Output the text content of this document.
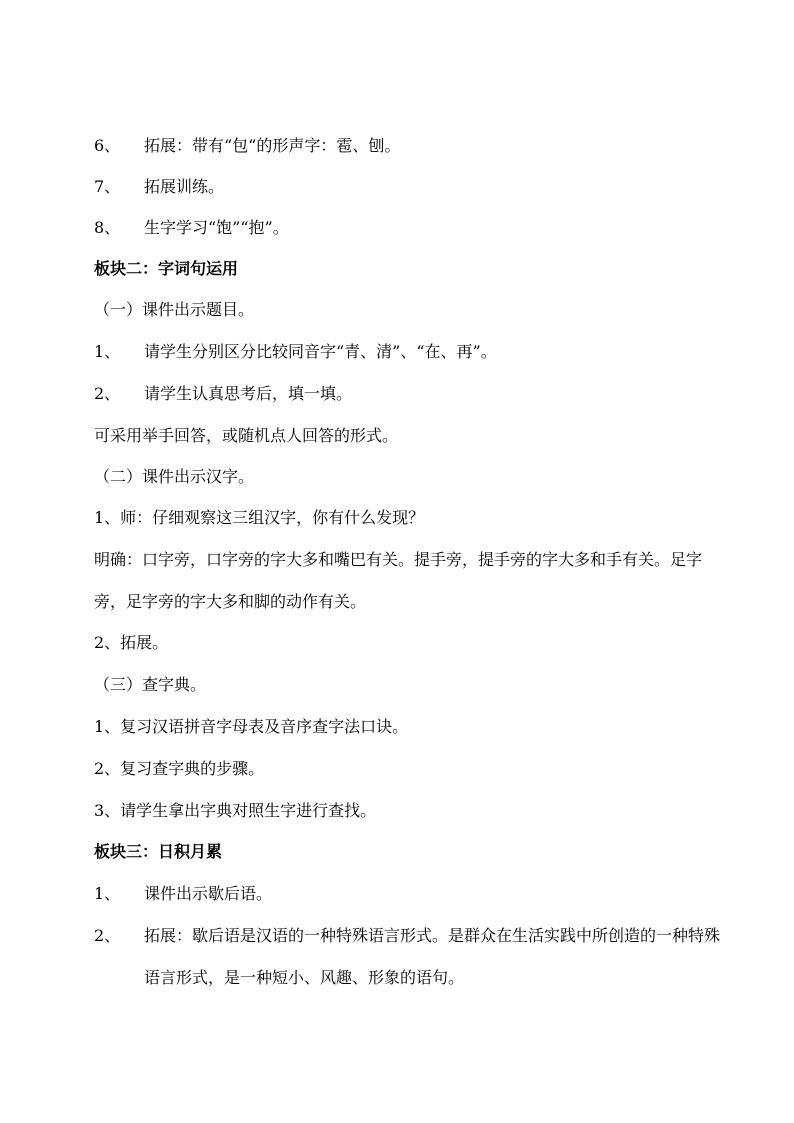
6、 拓展：带有“包“的形声字：雹、刨。
7、 拓展训练。
8、 生字学习“饱”“抱”。
板块二：字词句运用
（一）课件出示题目。
1、 请学生分别区分比较同音字“青、清”、“在、再”。
2、 请学生认真思考后，填一填。
可采用举手回答，或随机点人回答的形式。
（二）课件出示汉字。
1、师：仔细观察这三组汉字，你有什么发现？
明确：口字旁，口字旁的字大多和嘴巴有关。提手旁，提手旁的字大多和手有关。足字旁，足字旁的字大多和脚的动作有关。
2、拓展。
（三）查字典。
1、复习汉语拼音字母表及音序查字法口诀。
2、复习查字典的步骤。
3、请学生拿出字典对照生字进行查找。
板块三：日积月累
1、 课件出示歇后语。
2、	拓展：歇后语是汉语的一种特殊语言形式。是群众在生活实践中所创造的一种特殊语言形式，是一种短小、风趣、形象的语句。
